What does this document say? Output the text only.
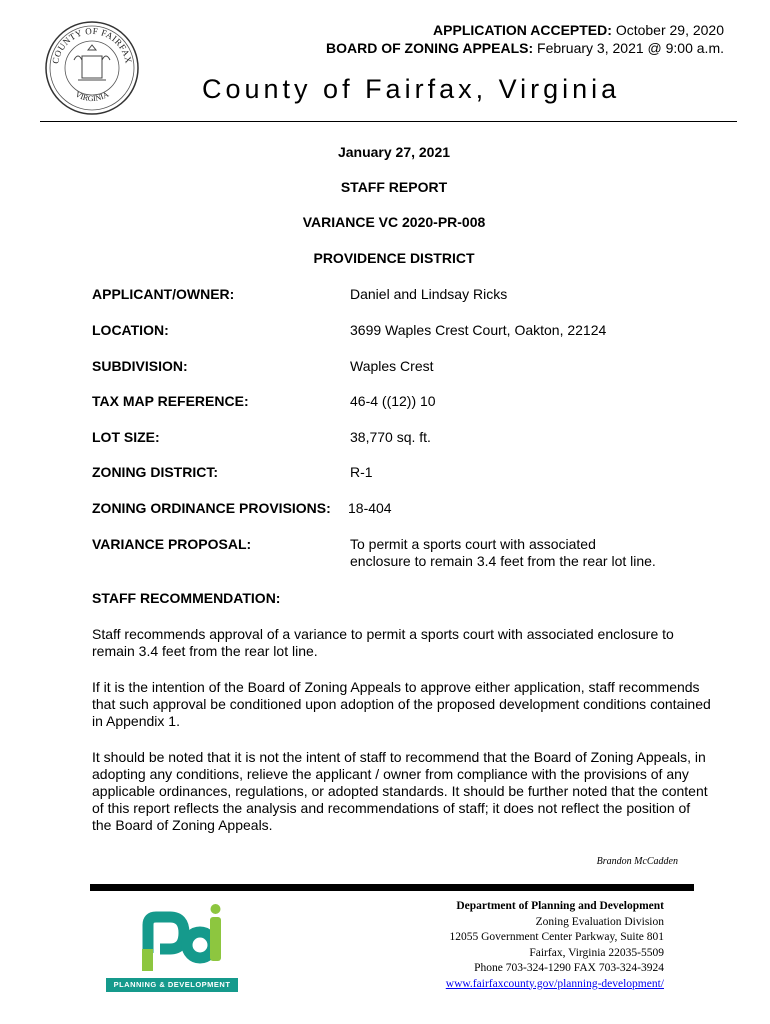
COUNTY OF FAIRFAX
VIRGINIA
APPLICATION ACCEPTED: October 29, 2020
BOARD OF ZONING APPEALS: February 3, 2021 @ 9:00 a.m.
County of Fairfax, Virginia
January 27, 2021
STAFF REPORT
VARIANCE VC 2020-PR-008
PROVIDENCE DISTRICT
APPLICANT/OWNER:	Daniel and Lindsay Ricks
LOCATION:	3699 Waples Crest Court, Oakton, 22124
SUBDIVISION:	Waples Crest
TAX MAP REFERENCE:	46-4 ((12)) 10
LOT SIZE:	38,770 sq. ft.
ZONING DISTRICT:	R-1
ZONING ORDINANCE PROVISIONS: 18-404
VARIANCE PROPOSAL:	To permit a sports court with associated
enclosure to remain 3.4 feet from the rear lot line.
STAFF RECOMMENDATION:
Staff recommends approval of a variance to permit a sports court with associated enclosure to remain 3.4 feet from the rear lot line.
If it is the intention of the Board of Zoning Appeals to approve either application, staff recommends that such approval be conditioned upon adoption of the proposed development conditions contained in Appendix 1.
It should be noted that it is not the intent of staff to recommend that the Board of Zoning Appeals, in adopting any conditions, relieve the applicant / owner from compliance with the provisions of any applicable ordinances, regulations, or adopted standards. It should be further noted that the content of this report reflects the analysis and recommendations of staff; it does not reflect the position of the Board of Zoning Appeals.
Brandon McCadden
PLANNING & DEVELOPMENT
Department of Planning and Development
Zoning Evaluation Division
12055 Government Center Parkway, Suite 801
Fairfax, Virginia 22035-5509
Phone 703-324-1290 FAX 703-324-3924
www.fairfaxcounty.gov/planning-development/
